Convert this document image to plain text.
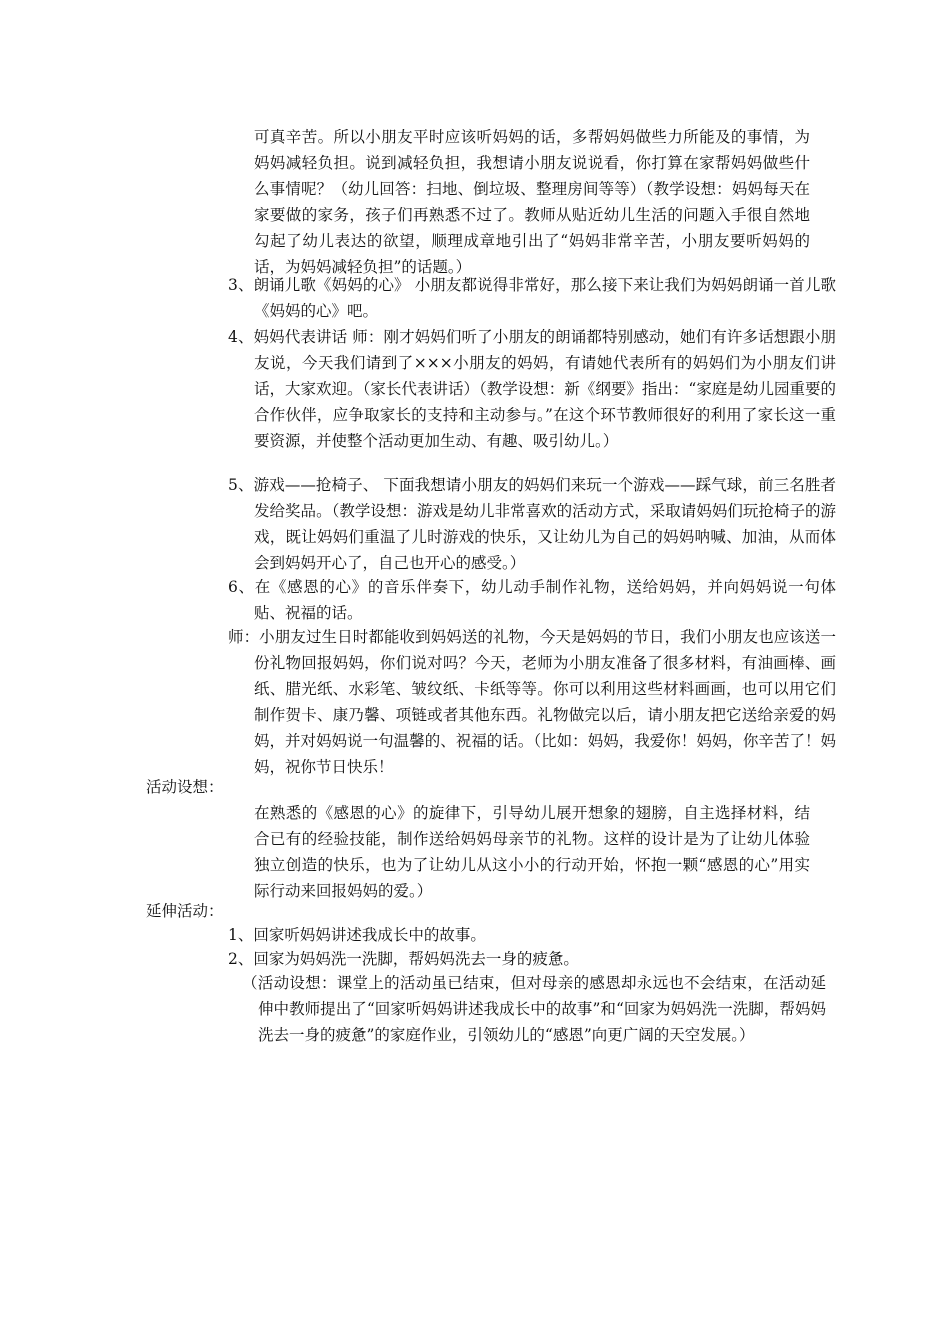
可真辛苦。所以小朋友平时应该听妈妈的话，多帮妈妈做些力所能及的事情，为妈妈减轻负担。说到减轻负担，我想请小朋友说说看，你打算在家帮妈妈做些什么事情呢？（幼儿回答：扫地、倒垃圾、整理房间等等）（教学设想：妈妈每天在家要做的家务，孩子们再熟悉不过了。教师从贴近幼儿生活的问题入手很自然地勾起了幼儿表达的欲望，顺理成章地引出了“妈妈非常辛苦，小朋友要听妈妈的话，为妈妈减轻负担”的话题。）
3、朗诵儿歌《妈妈的心》 小朋友都说得非常好，那么接下来让我们为妈妈朗诵一首儿歌《妈妈的心》吧。
4、妈妈代表讲话 师：刚才妈妈们听了小朋友的朗诵都特别感动，她们有许多话想跟小朋友说，今天我们请到了×××小朋友的妈妈，有请她代表所有的妈妈们为小朋友们讲话，大家欢迎。（家长代表讲话）（教学设想：新《纲要》指出：“家庭是幼儿园重要的合作伙伴，应争取家长的支持和主动参与。”在这个环节教师很好的利用了家长这一重要资源，并使整个活动更加生动、有趣、吸引幼儿。）
5、游戏——抢椅子、 下面我想请小朋友的妈妈们来玩一个游戏——踩气球，前三名胜者发给奖品。（教学设想：游戏是幼儿非常喜欢的活动方式，采取请妈妈们玩抢椅子的游戏，既让妈妈们重温了儿时游戏的快乐，又让幼儿为自己的妈妈呐喊、加油，从而体会到妈妈开心了，自己也开心的感受。）
6、在《感恩的心》的音乐伴奏下，幼儿动手制作礼物，送给妈妈，并向妈妈说一句体贴、祝福的话。
师：小朋友过生日时都能收到妈妈送的礼物，今天是妈妈的节日，我们小朋友也应该送一份礼物回报妈妈，你们说对吗？今天，老师为小朋友准备了很多材料，有油画棒、画纸、腊光纸、水彩笔、皱纹纸、卡纸等等。你可以利用这些材料画画，也可以用它们制作贺卡、康乃馨、项链或者其他东西。礼物做完以后，请小朋友把它送给亲爱的妈妈，并对妈妈说一句温馨的、祝福的话。（比如：妈妈，我爱你！妈妈，你辛苦了！妈妈，祝你节日快乐！
活动设想：
在熟悉的《感恩的心》的旋律下，引导幼儿展开想象的翅膀，自主选择材料，结合已有的经验技能，制作送给妈妈母亲节的礼物。这样的设计是为了让幼儿体验独立创造的快乐，也为了让幼儿从这小小的行动开始，怀抱一颗“感恩的心”用实际行动来回报妈妈的爱。）
延伸活动：
1、回家听妈妈讲述我成长中的故事。
2、回家为妈妈洗一洗脚，帮妈妈洗去一身的疲惫。
（活动设想：课堂上的活动虽已结束，但对母亲的感恩却永远也不会结束，在活动延伸中教师提出了“回家听妈妈讲述我成长中的故事”和“回家为妈妈洗一洗脚，帮妈妈洗去一身的疲惫”的家庭作业，引领幼儿的“感恩”向更广阔的天空发展。）
